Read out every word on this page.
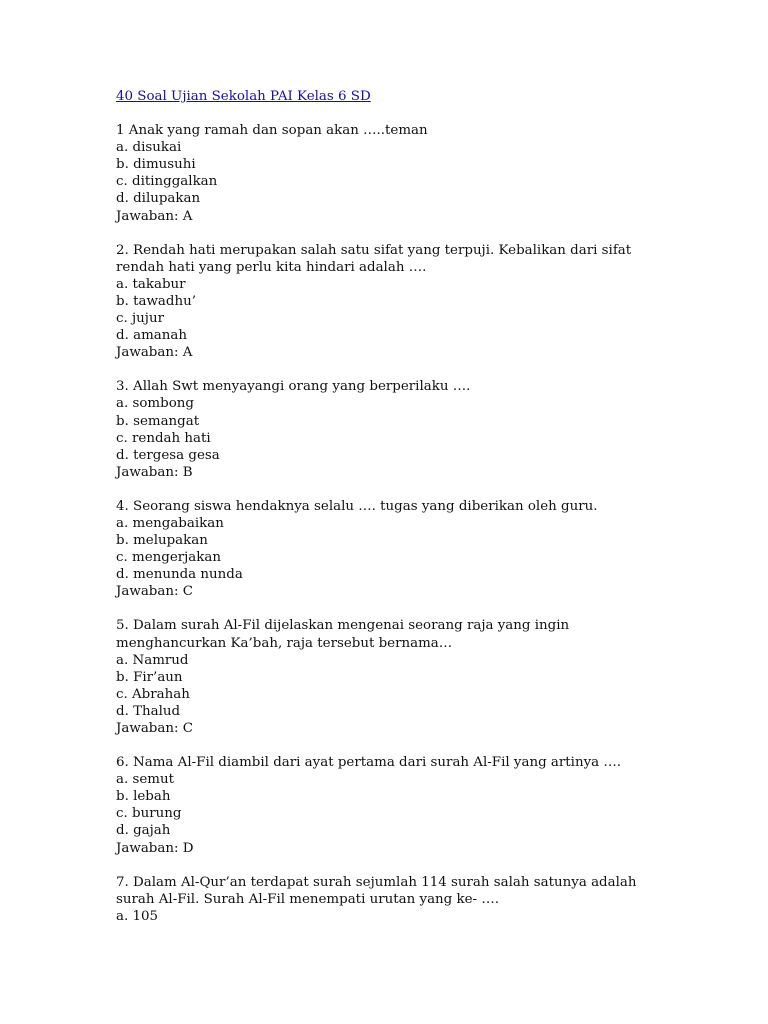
40 Soal Ujian Sekolah PAI Kelas 6 SD
1 Anak yang ramah dan sopan akan …..teman
a. disukai
b. dimusuhi
c. ditinggalkan
d. dilupakan
Jawaban: A
2. Rendah hati merupakan salah satu sifat yang terpuji. Kebalikan dari sifat
rendah hati yang perlu kita hindari adalah ….
a. takabur
b. tawadhu’
c. jujur
d. amanah
Jawaban: A
3. Allah Swt menyayangi orang yang berperilaku ….
a. sombong
b. semangat
c. rendah hati
d. tergesa gesa
Jawaban: B
4. Seorang siswa hendaknya selalu …. tugas yang diberikan oleh guru.
a. mengabaikan
b. melupakan
c. mengerjakan
d. menunda nunda
Jawaban: C
5. Dalam surah Al-Fil dijelaskan mengenai seorang raja yang ingin
menghancurkan Ka’bah, raja tersebut bernama…
a. Namrud
b. Fir’aun
c. Abrahah
d. Thalud
Jawaban: C
6. Nama Al-Fil diambil dari ayat pertama dari surah Al-Fil yang artinya ….
a. semut
b. lebah
c. burung
d. gajah
Jawaban: D
7. Dalam Al-Qur’an terdapat surah sejumlah 114 surah salah satunya adalah
surah Al-Fil. Surah Al-Fil menempati urutan yang ke- ….
a. 105
